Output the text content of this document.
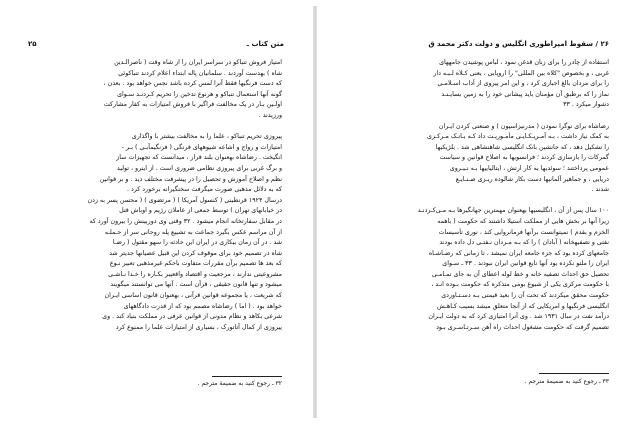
متن کتاب ـ
۲۵
امتیاز فروش تنباکو در سراسر ایران را از شاه وقت ( ناصرالـدین
شاه ) بهدست آوردند . سلمانیان پاله ابتداء اعلام کردند تنباکوئی
که دست فرنگیها فقط آنرا لمس کرده باشد نجس خواهد بود . بعدن ،
گونه آنها استعمال تنباکو و هرنوع تدخین را تحریم کـردنـد سـوای
اولـین بـار در یک مخالفت فراگیر با فروش امتیازات به کفار مشارکت
ورزیدند .

پیروزی تحریم تنباکو ، علما را به مخالفت بیشتر با واگذاری
امتیازات و رواج و اشاعه شیوههای فرنگی ( فرنگیمآبـی ) بـر -
انگیخت . رضاشاه بهعنوان بلند قرار ، میدانست که تجهیزات ساز
و برگ غربی برای پیروزی نظامی ضروری است . از اینرو ، تولید
نظم و اصلاح آموزش و تحصیل را در پیشرفت مختلف دید . و بر قوانین
که به دلائل مذهبی صورت میگرفت سختگیرانه برخورد کرد .
درسال ۱۹۲۴ قرنطینی ( کنسول آمریکا ) ( مرتضوی ) ( محسن پسر به زدن
در خیابانهای تهران ) توسط جمعی از عاملان رژیم و اوباش قتل
در مقابل سفارتخانه انجام میشود . ۳۲ وقتی وی دوربینش را بیرون آورد که
از آن مراسم عکس بگیرد جماعت به تشییع پله روحانی سر از حـملـه
شد . در آن زمان بیکاری در ایران این حادثه را سهو مقتول ( رضـا
شاه در تصمیم خود برای موقوف کردن این قبیل عصیانها جدیتر شد
که بعد ها تصمیم برآن مقررات متفاوت باحکم غیرمذهبی تعبیر نـوع
مشروعیتی ندارند ، مرجعیت و اقتصاد واقعیبر بکـاره را خـدا نـاشـی
میشود و تنها قانون حقیقی ، قرآن است . آنها می توانستند میگویند
که شریعت ، یا مجموعه قوانین قرآنی ، بهعنوان قانون اساسی ایـران
خواهد بود . ( اما ) رضاشاه مصمم بود که از قدرت دادگاههای
شرعی بکاهد و نظام مدونی از قوانین عرفی در مملکت بنیاد کند . وی
پیروزی از کمال آتاتورک ، بسیاری از امتیازات علما را ممنوع کرد
۳۲ ـ رجوع کنید به ضمیمهٔ مترجم .
۲۶ / سقوط امپراطوری انگلیس و دولت دکتر محمد ق
استفاده از چادر را برای زنان قدغن نمود ، لباس پوشیدن جامههای
غربی ، و بخصوص "کلاه بین المللی" را اروپایی ، یعنی کـلاه لـبـه دار
را برای مردان بالغ اجباری کرد ، و این امر پیروی از آداب اسـلامـی
نماز را که برطبق آن مؤمنان باید پیشانی خود را به زمین بسایـنـد
دشوار میکرد . ۳۳

رضاشاه برای نوگرا نمودن ( مدرنیزاسیون ) و صنعتی کردن ایـران
به کمک نیاز داشت ، بـه آمـریـکـایـی مأمـوریـت داد کـه بـانـک مـرکـزی
را تشکیل دهد ، که جانشین بانک انگلیسی شاهنشاهی شد . بلژیکیها
گمرکات را بازسازی کردند ؛ فرانسویها به اصلاح قوانین و سیاست
عمومی پرداختند ؛ سوئدیها به کار ارتش ، ایتالیاییها بـه نـیـروی
دریایی ، و جماهیر آلمانیها دست بکار شالوده ریـزی صـنـایـع
شدند .

۱۰۰ سال پس از آن ، انگلیسیها بهعنوان مهمترین جهانگیرها بـه مـی‌کـردنـد
زیرا آنها بر بخش هایی از مملکت استیلا داشتند که حکومت ( باهمه
الخزم و بقدم ) نمیتوانست برآنها فرمانروایی کند ، نوری تأسیسات
نفتی و تصفیهخانه ( آبادان ) را که بـه مـردان نـفتـی دل داده بودند
جامعهای کرده بود که جزء جامعه ایران نمیشد ، تا زمانی که رضـاشـاه
ایران را ملتو نکرده بود آنها تابع قوانین ایران نبودند . ۳۳ ـ سـوای
تحصیل حق احداث تصفیه خانه و خط لوله اعطای آن به جای تمـامـی
با حکومت مرکزی یکی از شیوع بومی متذکره که حکومت بـوده انـد ،
حکومت محقق میکردند که تحت آن را بعید قیمتی بـه دسـتـاوردی
انگلیسی فرنگیها و امریکایی که از آنجا متعلق میشد بسیب کـاهـش
درآمد نفت در سال ۱۹۳۱ شد . وی آنرا امتیازی کرد که به دولت ایـران
تصمیم گرفت که حکومت مشغول احداث راه آهن سـرتـاسـری بـود
۳۳ ـ رجوع کنید به ضمیمهٔ مترجم .
